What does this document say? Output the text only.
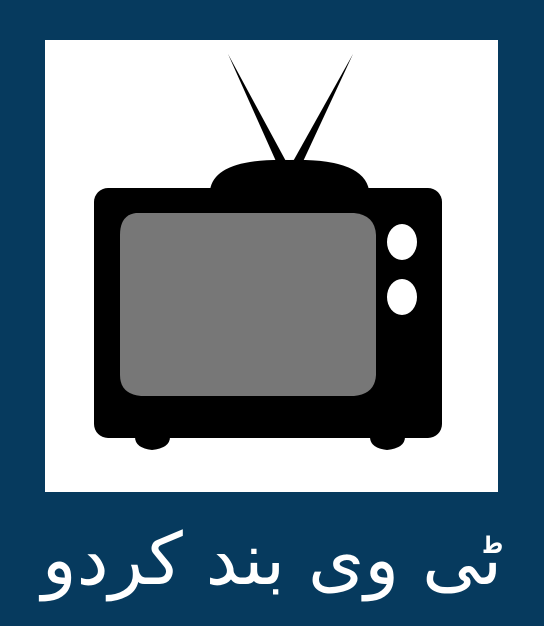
ٹی وی بند کردو
